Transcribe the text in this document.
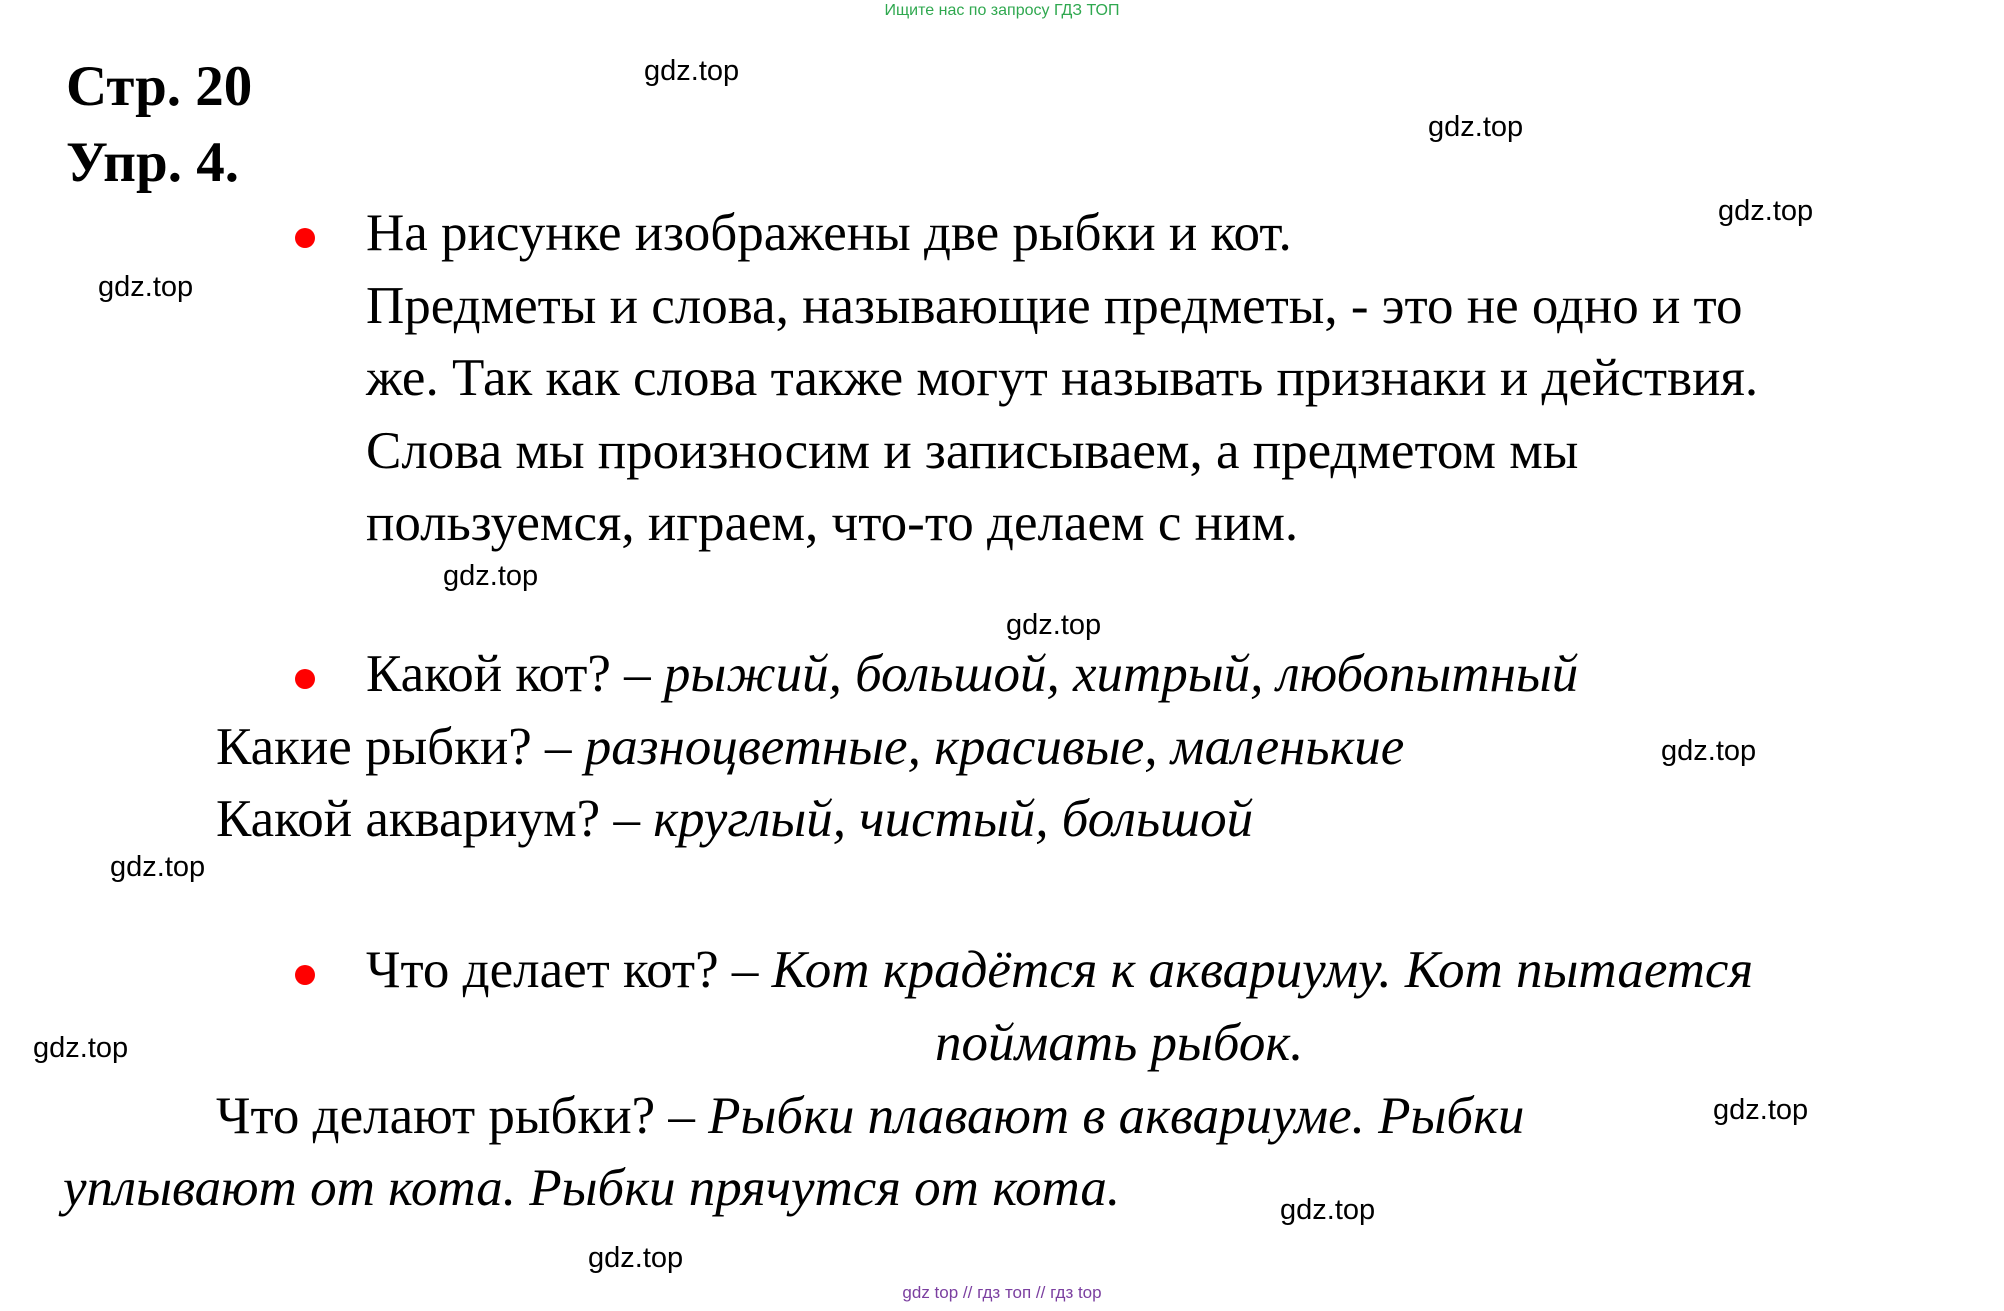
Ищите нас по запросу ГДЗ ТОП
Стр. 20
Упр. 4.
gdz.top
gdz.top
gdz.top
gdz.top
gdz.top
gdz.top
gdz.top
gdz.top
gdz.top
gdz.top
gdz.top
gdz.top
На рисунке изображены две рыбки и кот.
Предметы и слова, называющие предметы, - это не одно и то
же. Так как слова также могут называть признаки и действия.
Слова мы произносим и записываем, а предметом мы
пользуемся, играем, что-то делаем с ним.
Какой кот? – рыжий, большой, хитрый, любопытный
Какие рыбки? – разноцветные, красивые, маленькие
Какой аквариум? – круглый, чистый, большой
Что делает кот? – Кот крадётся к аквариуму. Кот пытается
поймать рыбок.
Что делают рыбки? – Рыбки плавают в аквариуме. Рыбки
уплывают от кота. Рыбки прячутся от кота.
gdz top // гдз топ // гдз top
